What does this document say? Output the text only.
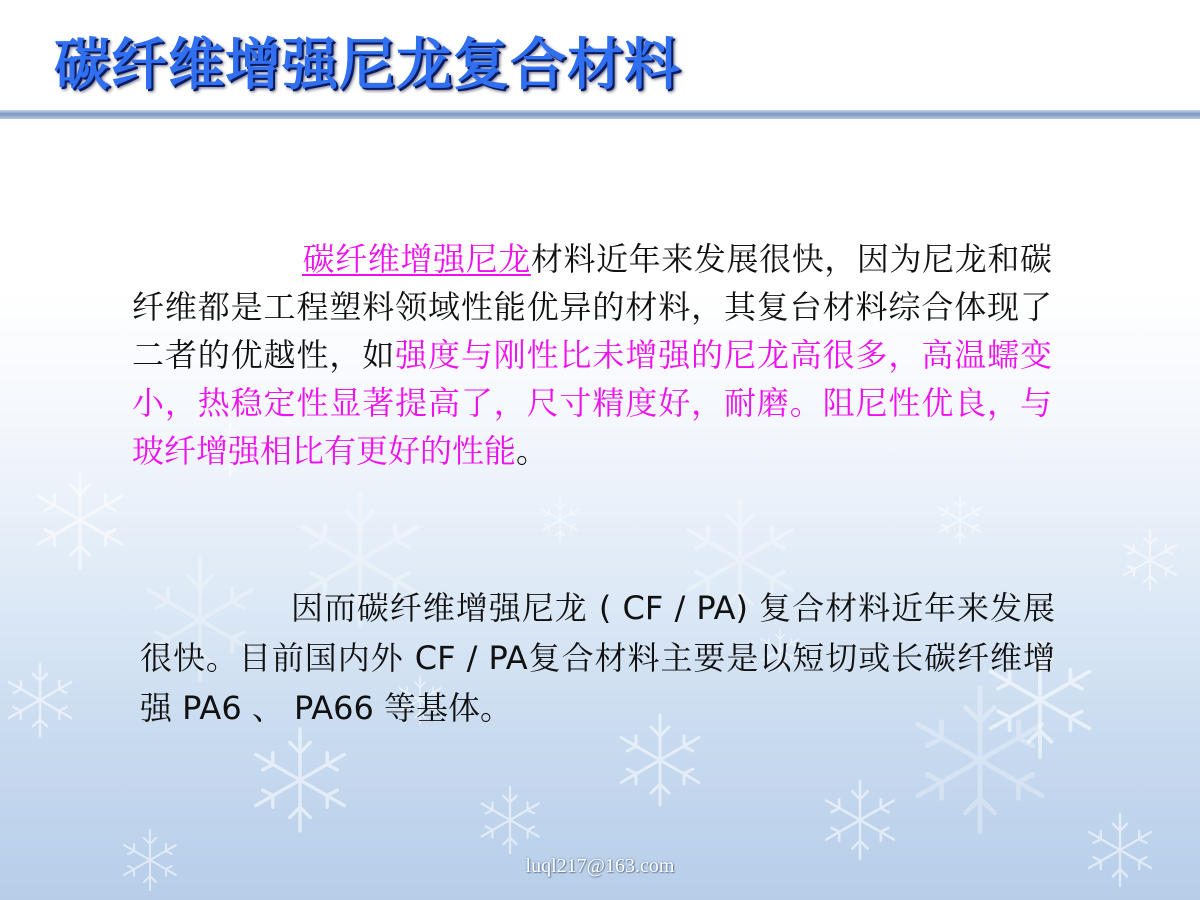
碳纤维增强尼龙复合材料

碳纤维增强尼龙材料近年来发展很快，因为尼龙和碳纤维都是工程塑料领域性能优异的材料，其复台材料综合体现了二者的优越性，如强度与刚性比未增强的尼龙高很多，高温蠕变小，热稳定性显著提高了，尺寸精度好，耐磨。阻尼性优良，与玻纤增强相比有更好的性能。

因而碳纤维增强尼龙 ( CF / PA) 复合材料近年来发展很快。目前国内外 CF / PA复合材料主要是以短切或长碳纤维增强 PA6 、 PA66 等基体。

luql217@163.com
